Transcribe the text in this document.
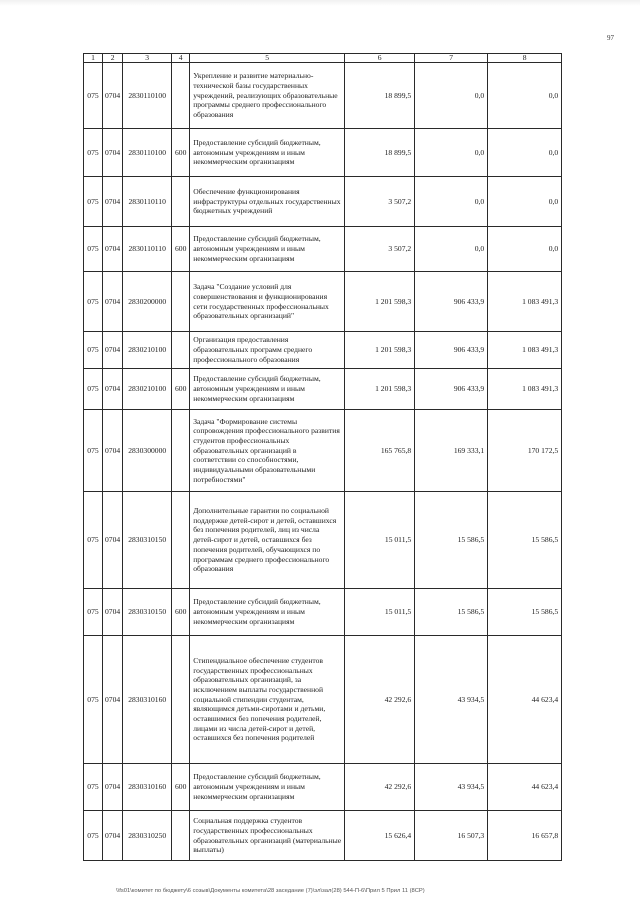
97
1	2	3	4	5	6	7	8
075	0704	2830110100		Укрепление и развитие материально-технической базы государственных учреждений, реализующих образовательные программы среднего профессионального образования	18 899,5	0,0	0,0
075	0704	2830110100	600	Предоставление субсидий бюджетным, автономным учреждениям и иным некоммерческим организациям	18 899,5	0,0	0,0
075	0704	2830110110		Обеспечение функционирования инфраструктуры отдельных государственных бюджетных учреждений	3 507,2	0,0	0,0
075	0704	2830110110	600	Предоставление субсидий бюджетным, автономным учреждениям и иным некоммерческим организациям	3 507,2	0,0	0,0
075	0704	2830200000		Задача "Создание условий для совершенствования и функционирования сети государственных профессиональных образовательных организаций"	1 201 598,3	906 433,9	1 083 491,3
075	0704	2830210100		Организация предоставления образовательных программ среднего профессионального образования	1 201 598,3	906 433,9	1 083 491,3
075	0704	2830210100	600	Предоставление субсидий бюджетным, автономным учреждениям и иным некоммерческим организациям	1 201 598,3	906 433,9	1 083 491,3
075	0704	2830300000		Задача "Формирование системы сопровождения профессионального развития студентов профессиональных образовательных организаций в соответствии со способностями, индивидуальными образовательными потребностями"	165 765,8	169 333,1	170 172,5
075	0704	2830310150		Дополнительные гарантии по социальной поддержке детей-сирот и детей, оставшихся без попечения родителей, лиц из числа детей-сирот и детей, оставшихся без попечения родителей, обучающихся по программам среднего профессионального образования	15 011,5	15 586,5	15 586,5
075	0704	2830310150	600	Предоставление субсидий бюджетным, автономным учреждениям и иным некоммерческим организациям	15 011,5	15 586,5	15 586,5
075	0704	2830310160		Стипендиальное обеспечение студентов государственных профессиональных образовательных организаций, за исключением выплаты государственной социальной стипендии студентам, являющимся детьми-сиротами и детьми, оставшимися без попечения родителей, лицами из числа детей-сирот и детей, оставшихся без попечения родителей	42 292,6	43 934,5	44 623,4
075	0704	2830310160	600	Предоставление субсидий бюджетным, автономным учреждениям и иным некоммерческим организациям	42 292,6	43 934,5	44 623,4
075	0704	2830310250		Социальная поддержка студентов государственных профессиональных образовательных организаций (материальные выплаты)	15 626,4	16 507,3	16 657,8
\\fs01\комитет по бюджету\6 созыв\Документы комитета\28 заседание (7)\эл\зал(28) 544-П-6\Прил 5 Прил 11 (8СР)
